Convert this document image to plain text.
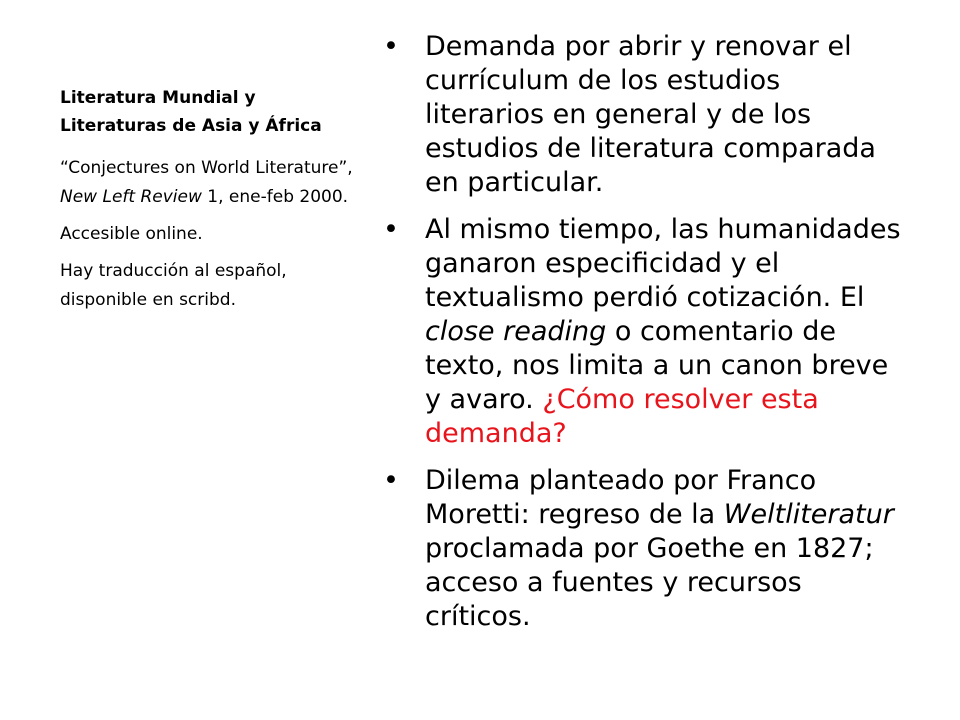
Literatura Mundial y
Literaturas de Asia y África

“Conjectures on World Literature”, New Left Review 1, ene-feb 2000.

Accesible online.

Hay traducción al español, disponible en scribd.

• Demanda por abrir y renovar el currículum de los estudios literarios en general y de los estudios de literatura comparada en particular.

• Al mismo tiempo, las humanidades ganaron especificidad y el textualismo perdió cotización. El close reading o comentario de texto, nos limita a un canon breve y avaro. ¿Cómo resolver esta demanda?

• Dilema planteado por Franco Moretti: regreso de la Weltliteratur proclamada por Goethe en 1827; acceso a fuentes y recursos críticos.
